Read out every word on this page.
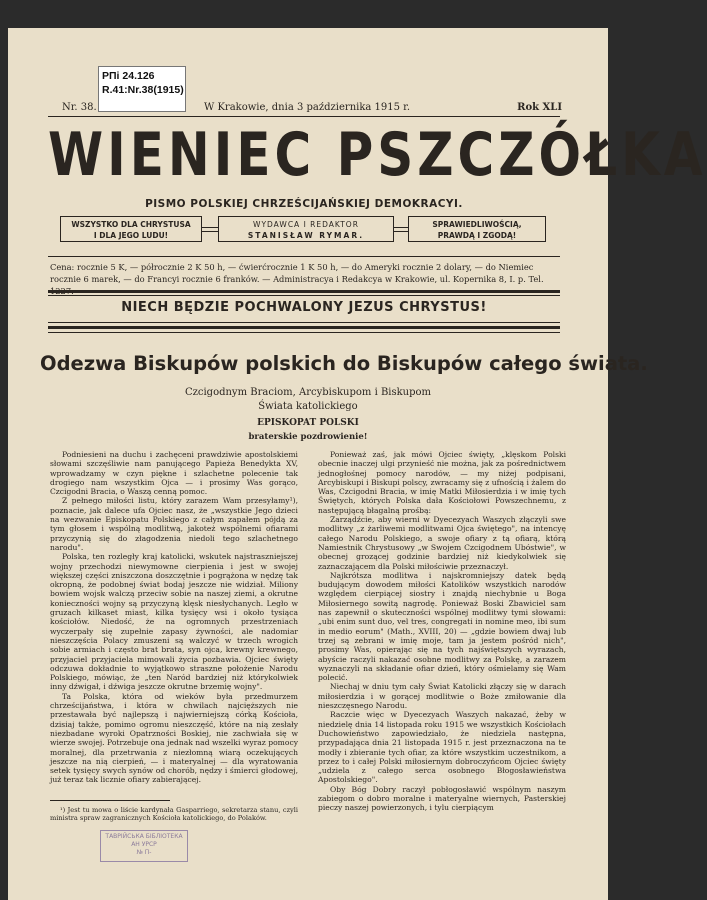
PПi 24.126
R.41:Nr.38(1915)
Nr. 38.	W Krakowie, dnia 3 października 1915 r.	Rok XLI
WIENIEC PSZCZÓŁKA
PISMO POLSKIEJ CHRZEŚCIJAŃSKIEJ DEMOKRACYI.
WSZYSTKO DLA CHRYSTUSA
I DLA JEGO LUDU!
WYDAWCA I REDAKTOR
STANISŁAW RYMAR.
SPRAWIEDLIWOŚCIĄ,
PRAWDĄ I ZGODĄ!
Cena: rocznie 5 K, — półrocznie 2 K 50 h, — ćwierćrocznie 1 K 50 h, — do Ameryki rocznie 2 dolary, — do Niemiec
rocznie 6 marek, — do Francyi rocznie 6 franków. — Administracya i Redakcya w Krakowie, ul. Kopernika 8, I. p. Tel.
NIECH BĘDZIE POCHWALONY JEZUS CHRYSTUS!
Odezwa Biskupów polskich do Biskupów całego świata.
Czcigodnym Braciom, Arcybiskupom i Biskupom
Świata katolickiego
EPISKOPAT POLSKI
braterskie pozdrowienie!

Podniesieni na duchu i zachęceni prawdziwie apostolskiemi słowami szczęśliwie nam panującego Papieża Benedykta XV, wprowadzamy w czyn piękne i szlachetne polecenie tak drogiego nam wszystkim Ojca — i prosimy Was gorąco, Czcigodni Bracia, o Waszą cenną pomoc.

Z pełnego miłości listu, który zarazem Wam przesyłamy¹), poznacie, jak dalece ufa Ojciec nasz, że „wszystkie Jego dzieci na wezwanie Episkopatu Polskiego z całym zapałem pójdą za tym głosem i wspólną modlitwą, jakoteż wspólnemi ofiarami przyczynią się do złagodzenia niedoli tego szlachetnego narodu".

Polska, ten rozległy kraj katolicki, wskutek najstraszniejszej wojny przechodzi niewymowne cierpienia i jest w swojej większej części zniszczona doszczętnie i pogrążona w nędzę tak okropną, że podobnej świat bodaj jeszcze nie widział. Miliony bowiem wojsk walczą przeciw sobie na naszej ziemi, a okrutne konieczności wojny są przyczyną klęsk niesłychanych. Legło w gruzach kilkaset miast, kilka tysięcy wsi i około tysiąca kościołów. Niedość, że na ogromnych przestrzeniach wyczerpały się zupełnie zapasy żywności, ale nadomiar nieszczęścia Polacy zmuszeni są walczyć w trzech wrogich sobie armiach i często brat brata, syn ojca, krewny krewnego, przyjaciel przyjaciela mimowali życia pozbawia. Ojciec święty odczuwa dokładnie to wyjątkowo straszne położenie Narodu Polskiego, mówiąc, że „ten Naród bardziej niż którykolwiek inny dźwigał, i dźwiga jeszcze okrutne brzemię wojny".

Ta Polska, która od wieków była przedmurzem chrześcijaństwa, i która w chwilach najcięższych nie przestawała być najlepszą i najwierniejszą córką Kościoła, dzisiaj także, pomimo ogromu nieszczęść, które na nią zesłały niezbadane wyroki Opatrzności Boskiej, nie zachwiała się w wierze swojej. Potrzebuje ona jednak nad wszelki wyraz pomocy moralnej, dla przetrwania z niezłomną wiarą oczekujących jeszcze na nią cierpień, — i materyalnej — dla wyratowania setek tysięcy swych synów od chorób, nędzy i śmierci głodowej, już teraz tak licznie ofiary zabierającej.

Ponieważ zaś, jak mówi Ojciec święty, „klęskom Polski obecnie inaczej ulgi przynieść nie można, jak za pośrednictwem jednogłośnej pomocy narodów, — my niżej podpisani, Arcybiskupi i Biskupi polscy, zwracamy się z ufnością i żalem do Was, Czcigodni Bracia, w imię Matki Miłosierdzia i w imię tych Świętych, których Polska dała Kościołowi Powszechnemu, z następującą błagalną prośbą:

Zarządźcie, aby wierni w Dyecezyach Waszych złączyli swe modlitwy „z żarliwemi modlitwami Ojca świętego", na intencyę całego Narodu Polskiego, a swoje ofiary z tą ofiarą, którą Namiestnik Chrystusowy „w Swojem Czcigodnem Ubóstwie", w obecnej grozącej godzinie bardziej niż kiedykolwiek się zaznaczającem dla Polski miłościwie przeznaczył.

Najkrótsza modlitwa i najskromniejszy datek będą budującym dowodem miłości Katolików wszystkich narodów względem cierpiącej siostry i znajdą niechybnie u Boga Miłosiernego sowitą nagrodę. Ponieważ Boski Zbawiciel sam nas zapewnił o skuteczności wspólnej modlitwy tymi słowami: „ubi enim sunt duo, vel tres, congregati in nomine meo, ibi sum in medio eorum" (Math., XVIII, 20) — „gdzie bowiem dwaj lub trzej są zebrani w imię moje, tam ja jestem pośród nich", prosimy Was, opierając się na tych najświętszych wyrazach, abyście raczyli nakazać osobne modlitwy za Polskę, a zarazem wyznaczyli na składanie ofiar dzień, który ośmielamy się Wam polecić.

Niechaj w dniu tym cały Świat Katolicki złączy się w darach miłosierdzia i w gorącej modlitwie o Boże zmiłowanie dla nieszczęsnego Narodu.

Raczcie więc w Dyecezyach Waszych nakazać, żeby w niedzielę dnia 14 listopada roku 1915 we wszystkich Kościołach Duchowieństwo zapowiedziało, że niedziela następna, przypadająca dnia 21 listopada 1915 r. jest przeznaczona na te modły i zbieranie tych ofiar, za które wszystkim uczestnikom, a przez to i całej Polski miłosiernym dobroczyńcom Ojciec święty „udziela z całego serca osobnego Błogosławieństwa Apostolskiego".

Oby Bóg Dobry raczył pobłogosławić wspólnym naszym zabiegom o dobro moralne i materyalne wiernych, Pasterskiej pieczy naszej powierzonych, i tylu cierpiącym

¹) Jest tu mowa o liście kardynała Gasparriego, sekretarza stanu, czyli ministra spraw zagranicznych Kościoła katolickiego, do Polaków.
ТАВРІЙСЬКА БІБЛІОТЕКА
АН УРСР
№ П-
